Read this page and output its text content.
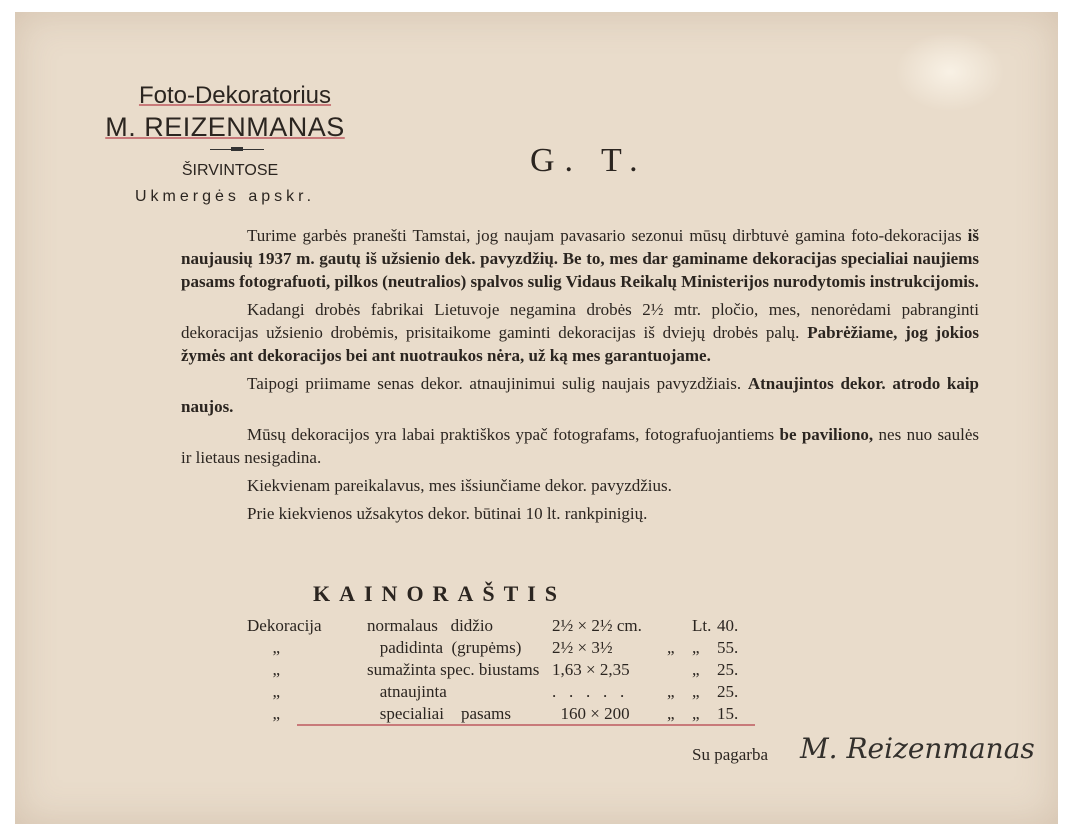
Foto-Dekoratorius
M. REIZENMANAS
ŠIRVINTOSE
Ukmergės apskr.
G. T.

Turime garbės pranešti Tamstai, jog naujam pavasario sezonui mūsų dirbtuvė gamina foto-dekoracijas iš naujausių 1937 m. gautų iš užsienio dek. pavyzdžių. Be to, mes dar gaminame dekoracijas specialiai naujiems pasams fotografuoti, pilkos (neutralios) spalvos sulig Vidaus Reikalų Ministerijos nurodytomis instrukcijomis.

Kadangi drobės fabrikai Lietuvoje negamina drobės 2½ mtr. pločio, mes, nenorėdami pabranginti dekoracijas užsienio drobėmis, prisitaikome gaminti dekoracijas iš dviejų drobės palų. Pabrėžiame, jog jokios žymės ant dekoracijos bei ant nuotraukos nėra, už ką mes garantuojame.

Taipogi priimame senas dekor. atnaujinimui sulig naujais pavyzdžiais. Atnaujintos dekor. atrodo kaip naujos.

Mūsų dekoracijos yra labai praktiškos ypač fotografams, fotografuojantiems be paviliono, nes nuo saulės ir lietaus nesigadina.

Kiekvienam pareikalavus, mes išsiunčiame dekor. pavyzdžius.

Prie kiekvienos užsakytos dekor. būtinai 10 lt. rankpinigių.

KAINORAŠTIS
Dekoracija	normalaus   didžio	2½ × 2½ cm.	Lt. 40.
„	padidinta  (grupėms) 2½ × 3½	„ „ 55.
„	sumažinta spec. biustams 1,63 × 2,35	„ 25.
„	atnaujinta	.   .   .   .   .	„ „ 25.
„	specialiai    pasams 160 × 200 „ „ 15.
Su pagarba M. Reizenmanas
